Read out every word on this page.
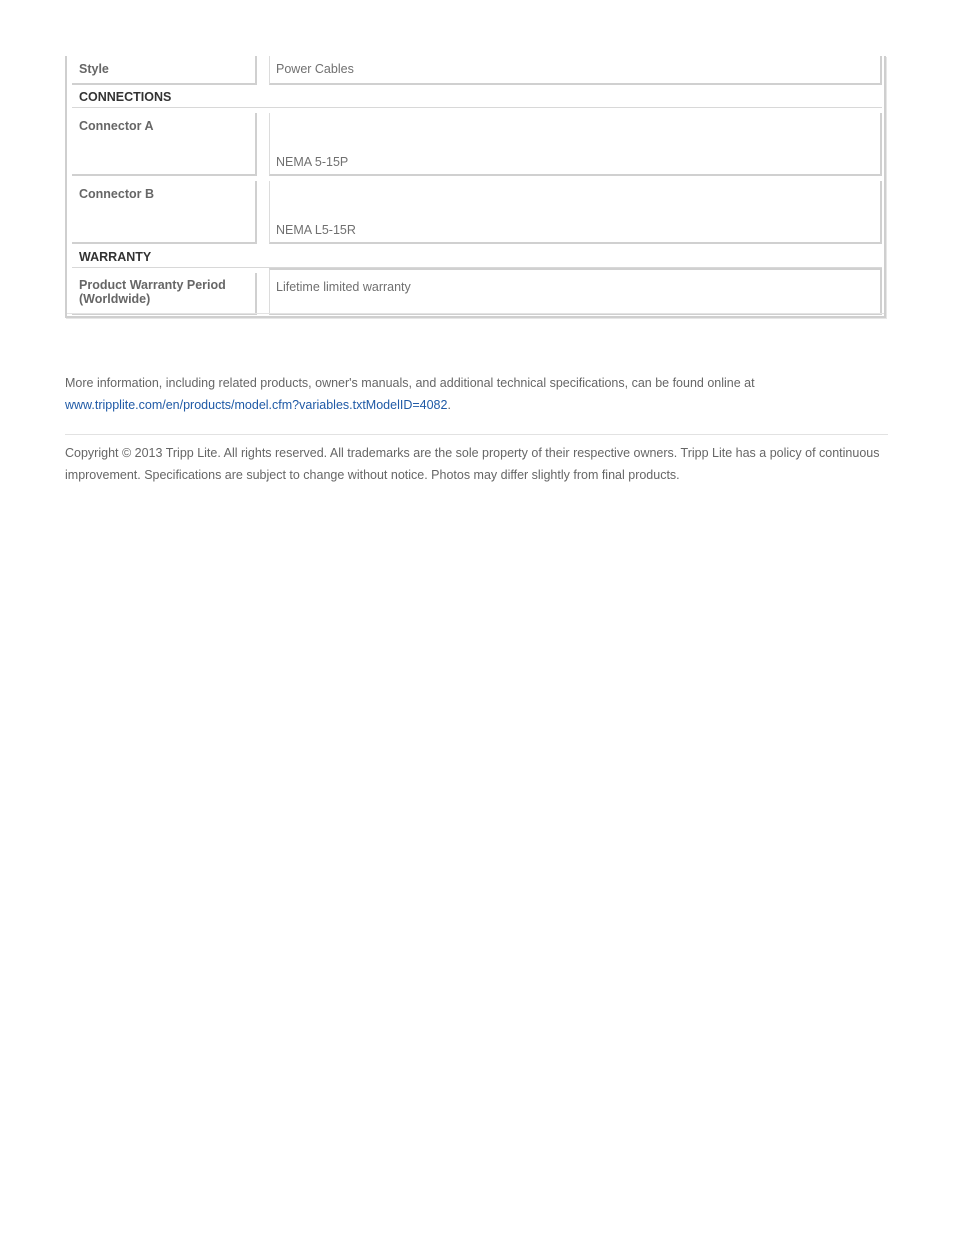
Style	Power Cables
CONNECTIONS
Connector A
NEMA 5-15P
Connector B
NEMA L5-15R
WARRANTY
Product Warranty Period (Worldwide)
Lifetime limited warranty
More information, including related products, owner's manuals, and additional technical specifications, can be found online at
www.tripplite.com/en/products/model.cfm?variables.txtModelID=4082.
Copyright © 2013 Tripp Lite. All rights reserved. All trademarks are the sole property of their respective owners. Tripp Lite has a policy of continuous improvement. Specifications are subject to change without notice. Photos may differ slightly from final products.
